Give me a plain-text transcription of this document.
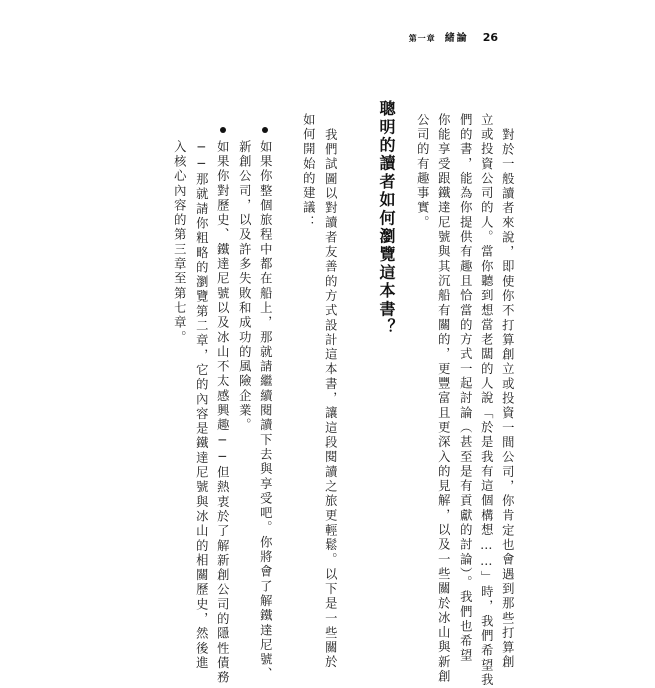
第一章 緒論 26
對於一般讀者來說，即使你不打算創立或投資一間公司，你肯定也會遇到那些打算創
立或投資公司的人。當你聽到想當老闆的人說「於是我有這個構想……」時，我們希望我
們的書，能為你提供有趣且恰當的方式一起討論（甚至是有貢獻的討論）。我們也希望
你能享受跟鐵達尼號與其沉船有關的，更豐富且更深入的見解，以及一些關於冰山與新創
公司的有趣事實。
聰明的讀者如何瀏覽這本書？
我們試圖以對讀者友善的方式設計這本書，讓這段閱讀之旅更輕鬆。以下是一些關於
如何開始的建議：
如果你整個旅程中都在船上，那就請繼續閱讀下去與享受吧。你將會了解鐵達尼號、
新創公司，以及許多失敗和成功的風險企業。
如果你對歷史、鐵達尼號以及冰山不太感興趣──但熱衷於了解新創公司的隱性債務
──那就請你粗略的瀏覽第二章，它的內容是鐵達尼號與冰山的相關歷史，然後進
入核心內容的第三章至第七章。
